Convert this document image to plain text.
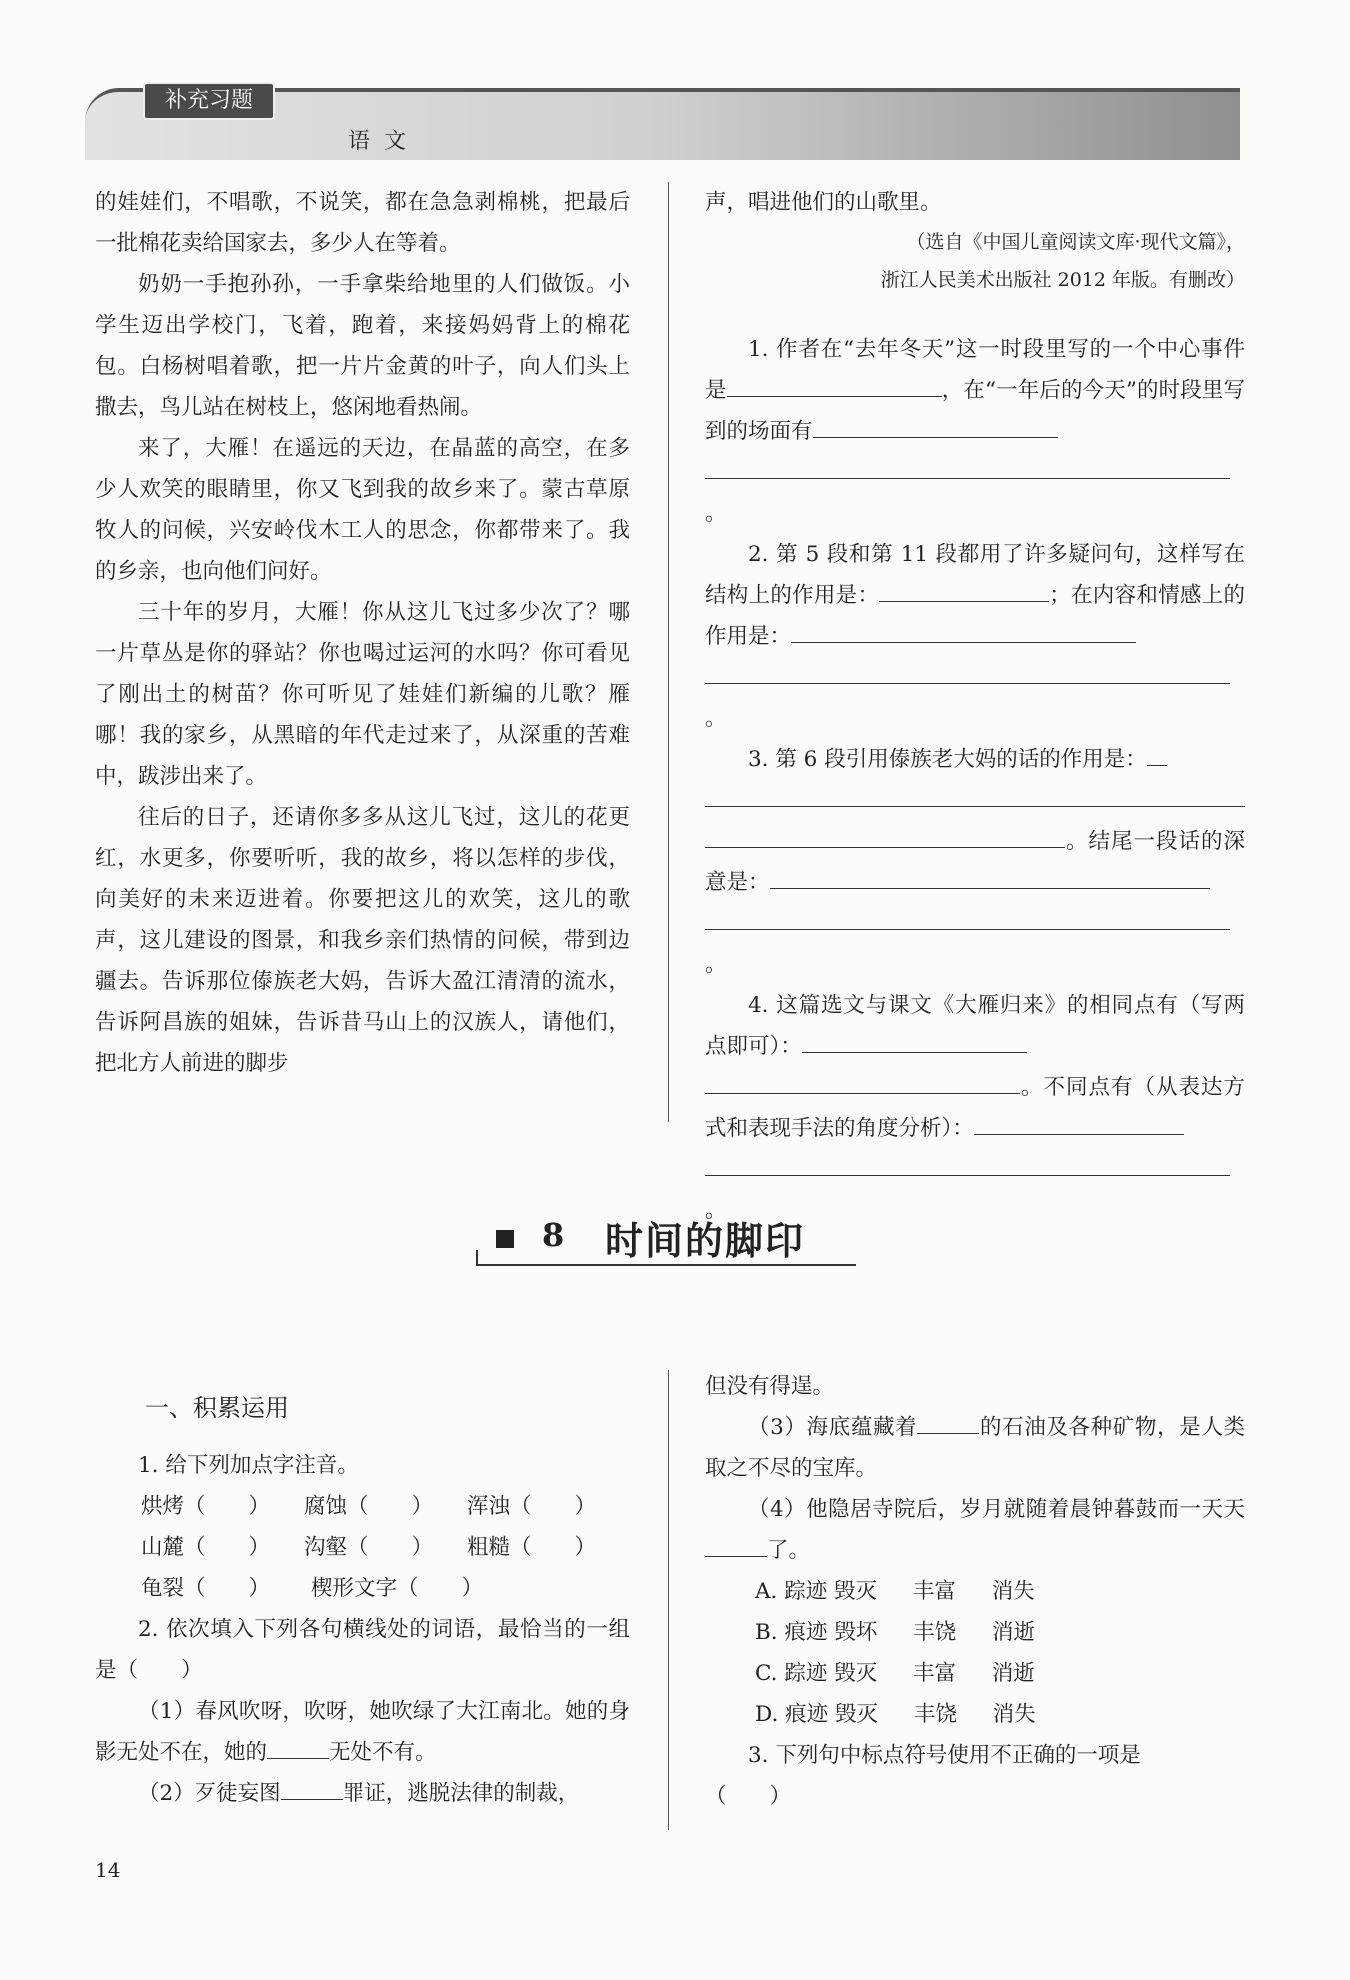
补充习题
语文

的娃娃们，不唱歌，不说笑，都在急急剥棉桃，把最后一批棉花卖给国家去，多少人在等着。

奶奶一手抱孙孙，一手拿柴给地里的人们做饭。小学生迈出学校门，飞着，跑着，来接妈妈背上的棉花包。白杨树唱着歌，把一片片金黄的叶子，向人们头上撒去，鸟儿站在树枝上，悠闲地看热闹。

来了，大雁！在遥远的天边，在晶蓝的高空，在多少人欢笑的眼睛里，你又飞到我的故乡来了。蒙古草原牧人的问候，兴安岭伐木工人的思念，你都带来了。我的乡亲，也向他们问好。

三十年的岁月，大雁！你从这儿飞过多少次了？哪一片草丛是你的驿站？你也喝过运河的水吗？你可看见了刚出土的树苗？你可听见了娃娃们新编的儿歌？雁哪！我的家乡，从黑暗的年代走过来了，从深重的苦难中，跋涉出来了。

往后的日子，还请你多多从这儿飞过，这儿的花更红，水更多，你要听听，我的故乡，将以怎样的步伐，向美好的未来迈进着。你要把这儿的欢笑，这儿的歌声，这儿建设的图景，和我乡亲们热情的问候，带到边疆去。告诉那位傣族老大妈，告诉大盈江清清的流水，告诉阿昌族的姐妹，告诉昔马山上的汉族人，请他们，把北方人前进的脚步

声，唱进他们的山歌里。

（选自《中国儿童阅读文库·现代文篇》，

浙江人民美术出版社 2012 年版。有删改）

1. 作者在“去年冬天”这一时段里写的一个中心事件是	，在“一年后的今天”的时段里写到的场面有

。

2. 第 5 段和第 11 段都用了许多疑问句，这样写在结构上的作用是：	；在内容和情感上的作用是：

。

3. 第 6 段引用傣族老大妈的话的作用是：

。结尾一段话的深意是：

。

4. 这篇选文与课文《大雁归来》的相同点有（写两点即可）：

。不同点有（从表达方式和表现手法的角度分析）：

。

8 时间的脚印

一、积累运用

1. 给下列加点字注音。

烘烤（　　）	腐蚀（　　）	浑浊（　　）
山麓（　　）	沟壑（　　）	粗糙（　　）
龟裂（　　）	楔形文字（　　）

2. 依次填入下列各句横线处的词语，最恰当的一组是（　　）

（1）春风吹呀，吹呀，她吹绿了大江南北。她的身影无处不在，她的	无处不有。

（2）歹徒妄图	罪证，逃脱法律的制裁，

但没有得逞。

（3）海底蕴藏着	的石油及各种矿物，是人类取之不尽的宝库。

（4）他隐居寺院后，岁月就随着晨钟暮鼓而一天天了。

A. 踪迹 毁灭 丰富 消失
B. 痕迹 毁坏 丰饶 消逝
C. 踪迹 毁灭 丰富 消逝
D. 痕迹 毁灭 丰饶 消失

3. 下列句中标点符号使用不正确的一项是

（　　）

14
